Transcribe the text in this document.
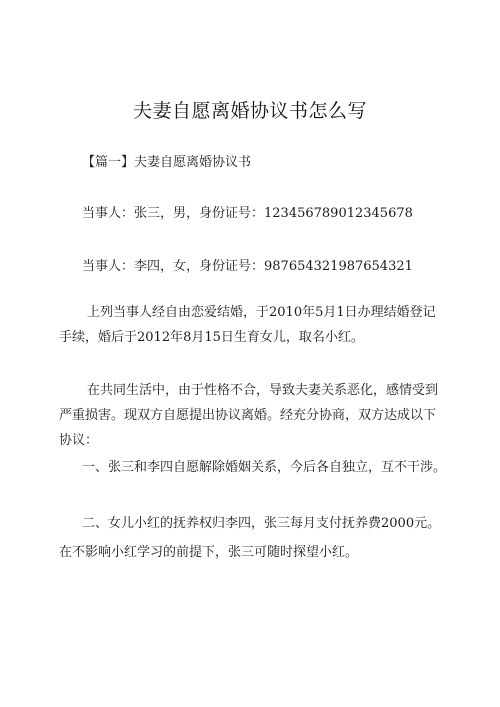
夫妻自愿离婚协议书怎么写
【篇一】夫妻自愿离婚协议书
当事人：张三，男，身份证号：123456789012345678
当事人：李四，女，身份证号：987654321987654321
上列当事人经自由恋爱结婚，于2010年5月1日办理结婚登记手续，婚后于2012年8月15日生育女儿，取名小红。
在共同生活中，由于性格不合，导致夫妻关系恶化，感情受到严重损害。现双方自愿提出协议离婚。经充分协商，双方达成以下协议：
一、张三和李四自愿解除婚姻关系，今后各自独立，互不干涉。
二、女儿小红的抚养权归李四，张三每月支付抚养费2000元。
在不影响小红学习的前提下，张三可随时探望小红。
